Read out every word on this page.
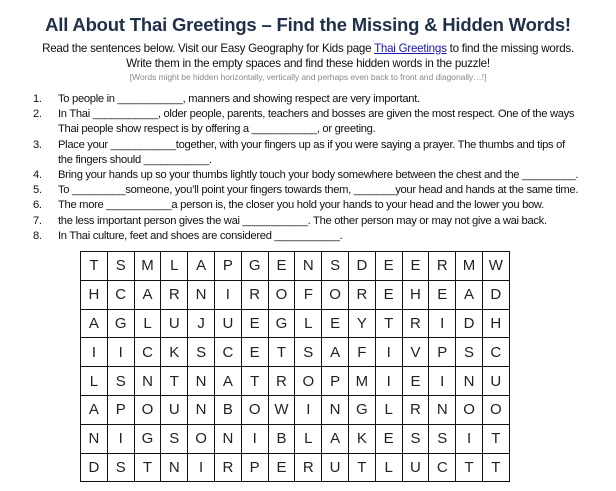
All About Thai Greetings – Find the Missing & Hidden Words!
Read the sentences below. Visit our Easy Geography for Kids page Thai Greetings to find the missing words.
Write them in the empty spaces and find these hidden words in the puzzle!
[Words might be hidden horizontally, vertically and perhaps even back to front and diagonally…!]
1. To people in ___________, manners and showing respect are very important.
2. In Thai ___________, older people, parents, teachers and bosses are given the most respect. One of the ways
Thai people show respect is by offering a ___________, or greeting.
3. Place your ___________together, with your fingers up as if you were saying a prayer. The thumbs and tips of
the fingers should ___________.
4. Bring your hands up so your thumbs lightly touch your body somewhere between the chest and the _________.
5. To _________someone, you’ll point your fingers towards them, _______your head and hands at the same time.
6. The more ___________a person is, the closer you hold your hands to your head and the lower you bow.
7. the less important person gives the wai ___________. The other person may or may not give a wai back.
8. In Thai culture, feet and shoes are considered ___________.
T	S	M	L	A	P	G	E	N	S	D	E	E	R	M	W
H	C	A	R	N	I	R	O	F	O	R	E	H	E	A	D
A	G	L	U	J	U	E	G	L	E	Y	T	R	I	D	H
I	I	C	K	S	C	E	T	S	A	F	I	V	P	S	C
L	S	N	T	N	A	T	R	O	P	M	I	E	I	N	U
A	P	O	U	N	B	O	W	I	N	G	L	R	N	O	O
N	I	G	S	O	N	I	B	L	A	K	E	S	S	I	T
D	S	T	N	I	R	P	E	R	U	T	L	U	C	T	T
